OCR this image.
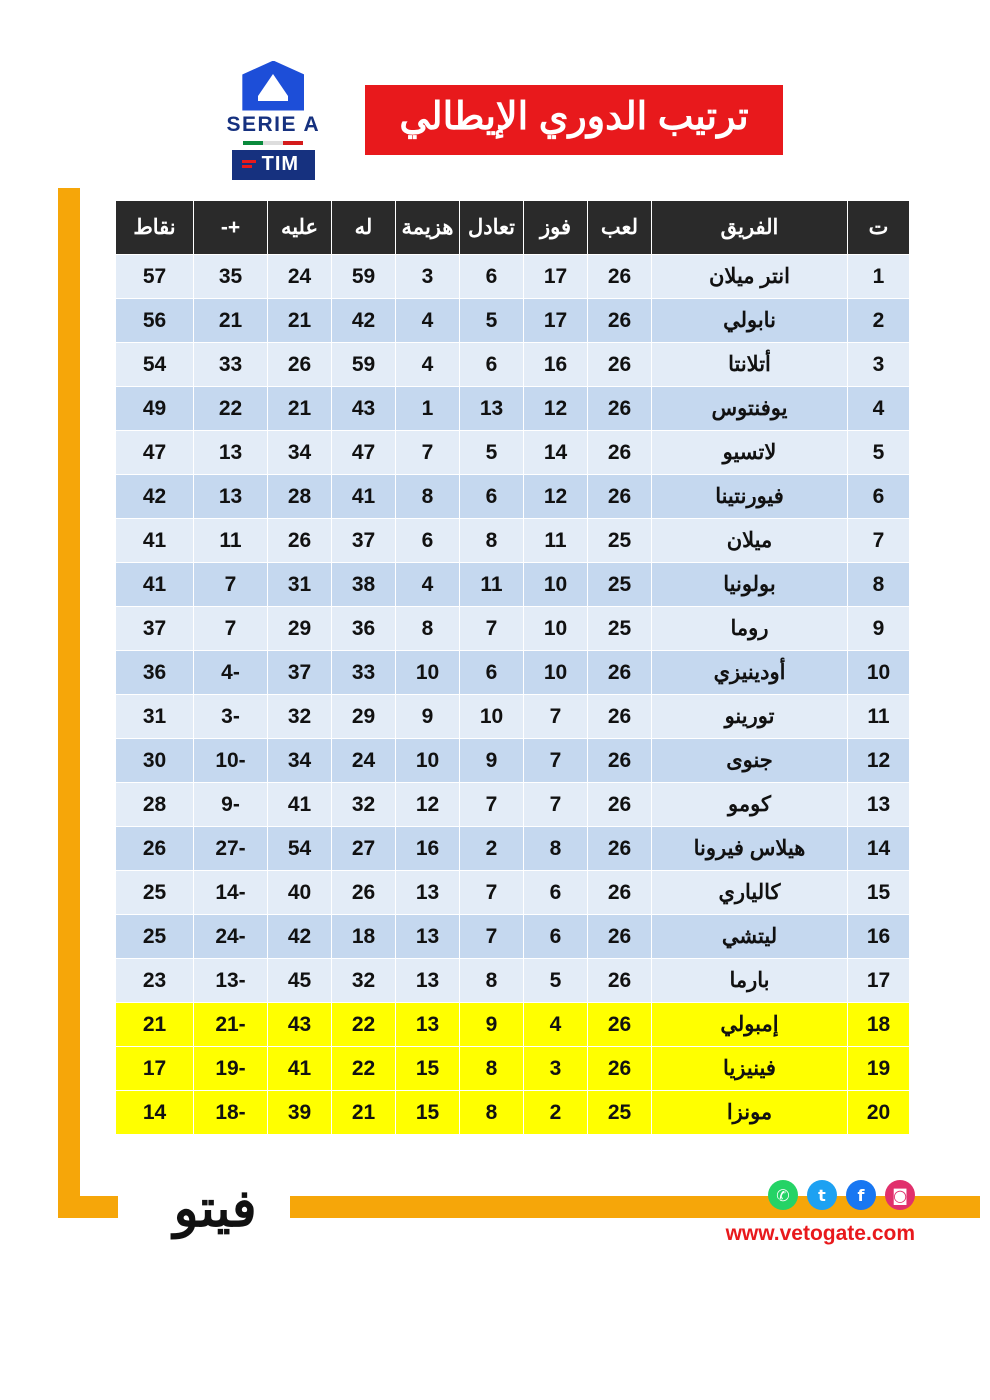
SERIE A
TIM
ترتيب الدوري الإيطالي
ت	الفريق	لعب	فوز	تعادل	هزيمة	له	عليه	+-	نقاط
1	انتر ميلان	26	17	6	3	59	24	35	57
2	نابولي	26	17	5	4	42	21	21	56
3	أتلانتا	26	16	6	4	59	26	33	54
4	يوفنتوس	26	12	13	1	43	21	22	49
5	لاتسيو	26	14	5	7	47	34	13	47
6	فيورنتينا	26	12	6	8	41	28	13	42
7	ميلان	25	11	8	6	37	26	11	41
8	بولونيا	25	10	11	4	38	31	7	41
9	روما	25	10	7	8	36	29	7	37
10	أودينيزي	26	10	6	10	33	37	-4	36
11	تورينو	26	7	10	9	29	32	-3	31
12	جنوى	26	7	9	10	24	34	-10	30
13	كومو	26	7	7	12	32	41	-9	28
14	هيلاس فيرونا	26	8	2	16	27	54	-27	26
15	كالياري	26	6	7	13	26	40	-14	25
16	ليتشي	26	6	7	13	18	42	-24	25
17	بارما	26	5	8	13	32	45	-13	23
18	إمبولي	26	4	9	13	22	43	-21	21
19	فينيزيا	26	3	8	15	22	41	-19	17
20	مونزا	25	2	8	15	21	39	-18	14
فيتو	◙
f
t
✆
www.vetogate.com
